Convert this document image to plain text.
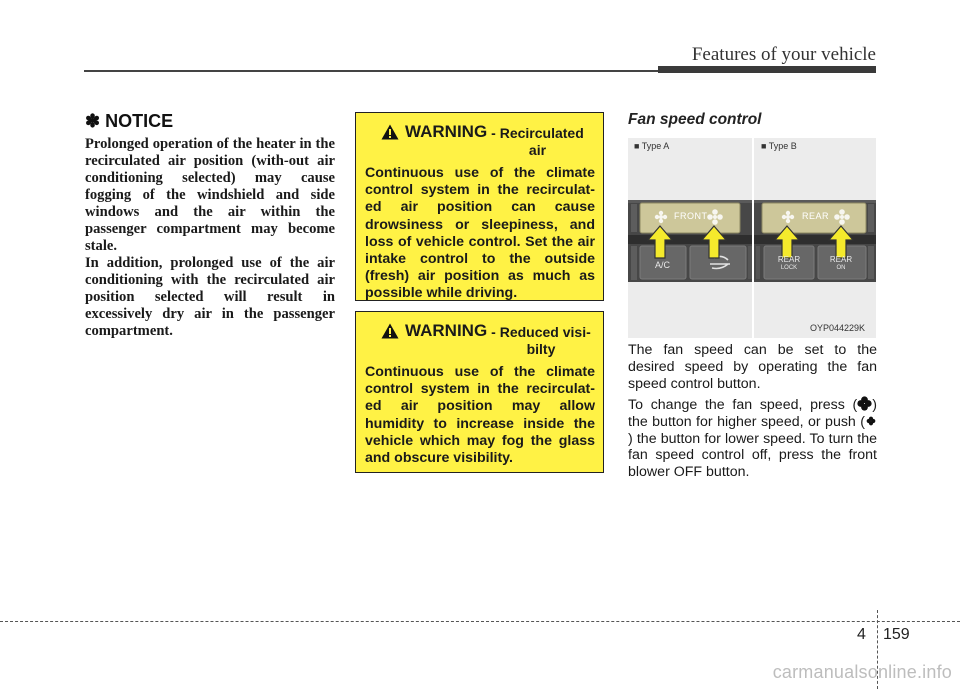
Features of your vehicle
✽ NOTICE

Prolonged operation of the heater in the recirculated air position (with-out air conditioning selected) may cause fogging of the windshield and side windows and the air within the passenger compartment may become stale.

In addition, prolonged use of the air conditioning with the recirculated air position selected will result in excessively dry air in the passenger compartment.

WARNING - Recirculated
air
Continuous use of the climate control system in the recirculat-ed air position can cause drowsiness or sleepiness, and loss of vehicle control. Set the air intake control to the outside (fresh) air position as much as possible while driving.
WARNING - Reduced visi-
bilty
Continuous use of the climate control system in the recirculat-ed air position may allow humidity to increase inside the vehicle which may fog the glass and obscure visibility.
Fan speed control
FRONT
A/C
REAR
REAR
LOCK
REAR
ON
■ Type A	■ Type B
OYP044229K
The fan speed can be set to the desired speed by operating the fan speed control button.

To change the fan speed, press ( ) the button for higher speed, or push () the button for lower speed. To turn the fan speed control off, press the front blower OFF button.

4 159
carmanualsonline.info
